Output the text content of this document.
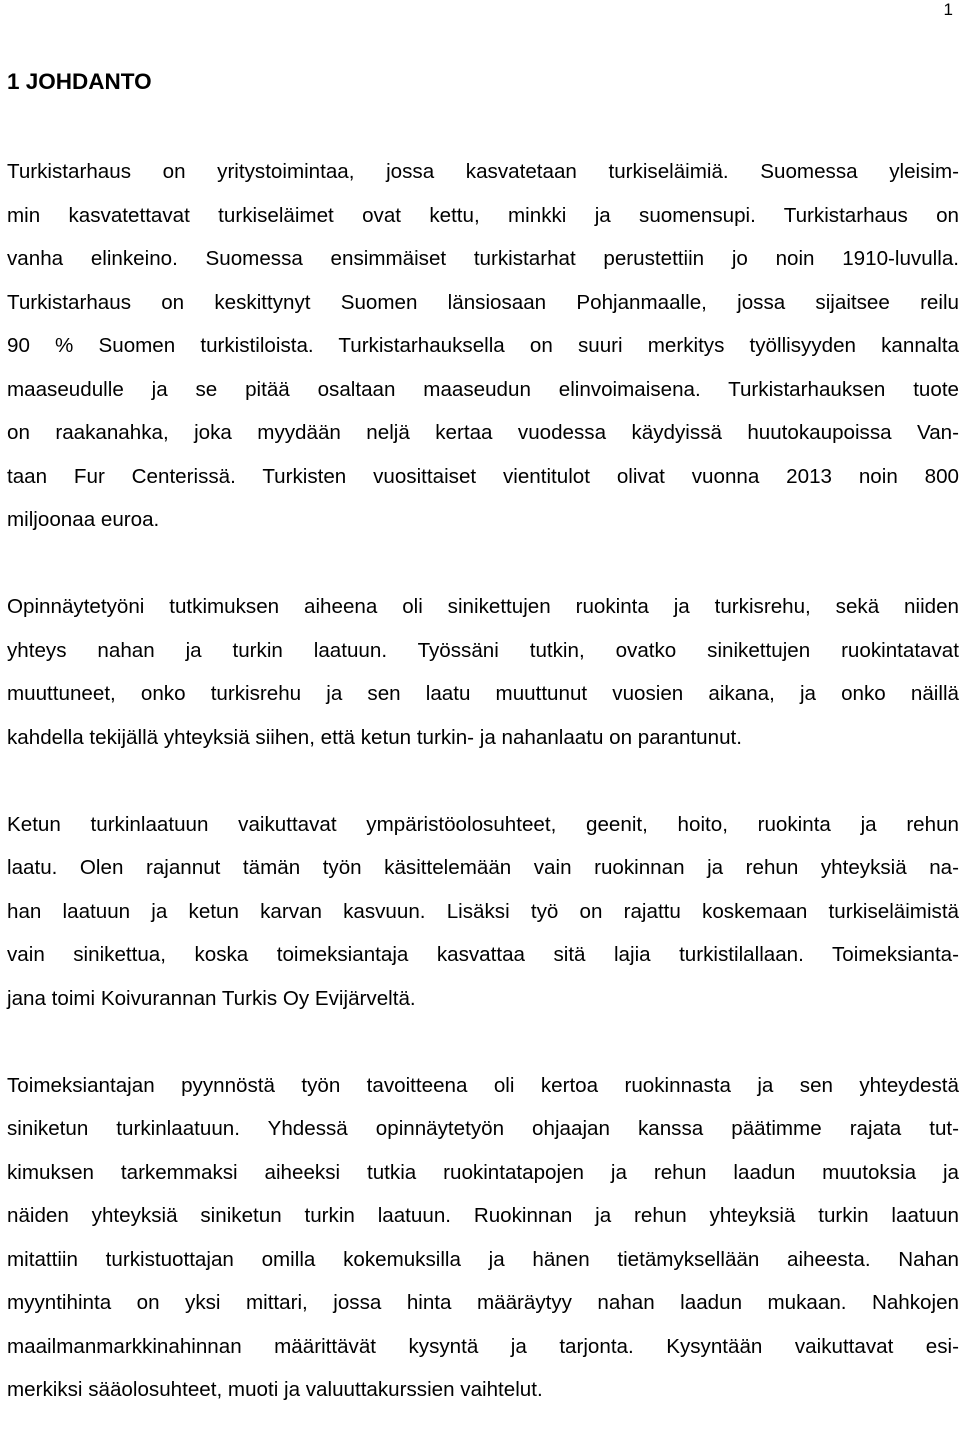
1

1 JOHDANTO
Turkistarhaus on yritystoimintaa, jossa kasvatetaan turkiseläimiä. Suomessa yleisim-
min kasvatettavat turkiseläimet ovat kettu, minkki ja suomensupi. Turkistarhaus on
vanha elinkeino. Suomessa ensimmäiset turkistarhat perustettiin jo noin 1910-luvulla.
Turkistarhaus on keskittynyt Suomen länsiosaan Pohjanmaalle, jossa sijaitsee reilu
90 % Suomen turkistiloista. Turkistarhauksella on suuri merkitys työllisyyden kannalta
maaseudulle ja se pitää osaltaan maaseudun elinvoimaisena. Turkistarhauksen tuote
on raakanahka, joka myydään neljä kertaa vuodessa käydyissä huutokaupoissa Van-
taan Fur Centerissä. Turkisten vuosittaiset vientitulot olivat vuonna 2013 noin 800
miljoonaa euroa.
Opinnäytetyöni tutkimuksen aiheena oli sinikettujen ruokinta ja turkisrehu, sekä niiden
yhteys nahan ja turkin laatuun. Työssäni tutkin, ovatko sinikettujen ruokintatavat
muuttuneet, onko turkisrehu ja sen laatu muuttunut vuosien aikana, ja onko näillä
kahdella tekijällä yhteyksiä siihen, että ketun turkin- ja nahanlaatu on parantunut.
Ketun turkinlaatuun vaikuttavat ympäristöolosuhteet, geenit, hoito, ruokinta ja rehun
laatu. Olen rajannut tämän työn käsittelemään vain ruokinnan ja rehun yhteyksiä na-
han laatuun ja ketun karvan kasvuun. Lisäksi työ on rajattu koskemaan turkiseläimistä
vain sinikettua, koska toimeksiantaja kasvattaa sitä lajia turkistilallaan. Toimeksianta-
jana toimi Koivurannan Turkis Oy Evijärveltä.
Toimeksiantajan pyynnöstä työn tavoitteena oli kertoa ruokinnasta ja sen yhteydestä
siniketun turkinlaatuun. Yhdessä opinnäytetyön ohjaajan kanssa päätimme rajata tut-
kimuksen tarkemmaksi aiheeksi tutkia ruokintatapojen ja rehun laadun muutoksia ja
näiden yhteyksiä siniketun turkin laatuun. Ruokinnan ja rehun yhteyksiä turkin laatuun
mitattiin turkistuottajan omilla kokemuksilla ja hänen tietämyksellään aiheesta. Nahan
myyntihinta on yksi mittari, jossa hinta määräytyy nahan laadun mukaan. Nahkojen
maailmanmarkkinahinnan määrittävät kysyntä ja tarjonta. Kysyntään vaikuttavat esi-
merkiksi sääolosuhteet, muoti ja valuuttakurssien vaihtelut.
